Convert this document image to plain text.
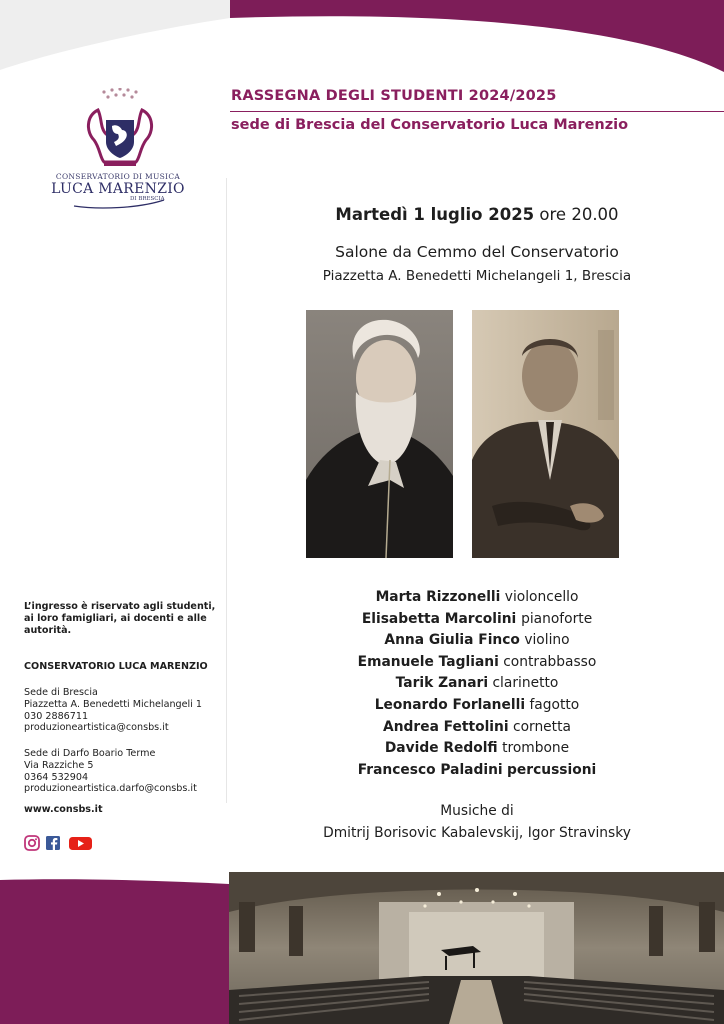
RASSEGNA DEGLI STUDENTI 2024/2025
sede di Brescia del Conservatorio Luca Marenzio
CONSERVATORIO DI MUSICA
LUCA MARENZIO
DI BRESCIA
Martedì 1 luglio 2025 ore 20.00
Salone da Cemmo del Conservatorio
Piazzetta A. Benedetti Michelangeli 1, Brescia
Marta Rizzonelli violoncello
Elisabetta Marcolini pianoforte
Anna Giulia Finco violino
Emanuele Tagliani contrabbasso
Tarik Zanari clarinetto
Leonardo Forlanelli fagotto
Andrea Fettolini cornetta
Davide Redolfi trombone
Francesco Paladini percussioni
Musiche di
Dmitrij Borisovic Kabalevskij, Igor Stravinsky
L’ingresso è riservato agli studenti, ai loro famigliari, ai docenti e alle autorità.
CONSERVATORIO LUCA MARENZIO
Sede di Brescia
Piazzetta A. Benedetti Michelangeli 1
030 2886711
produzioneartistica@consbs.it
Sede di Darfo Boario Terme
Via Razziche 5
0364 532904
produzioneartistica.darfo@consbs.it
www.consbs.it
